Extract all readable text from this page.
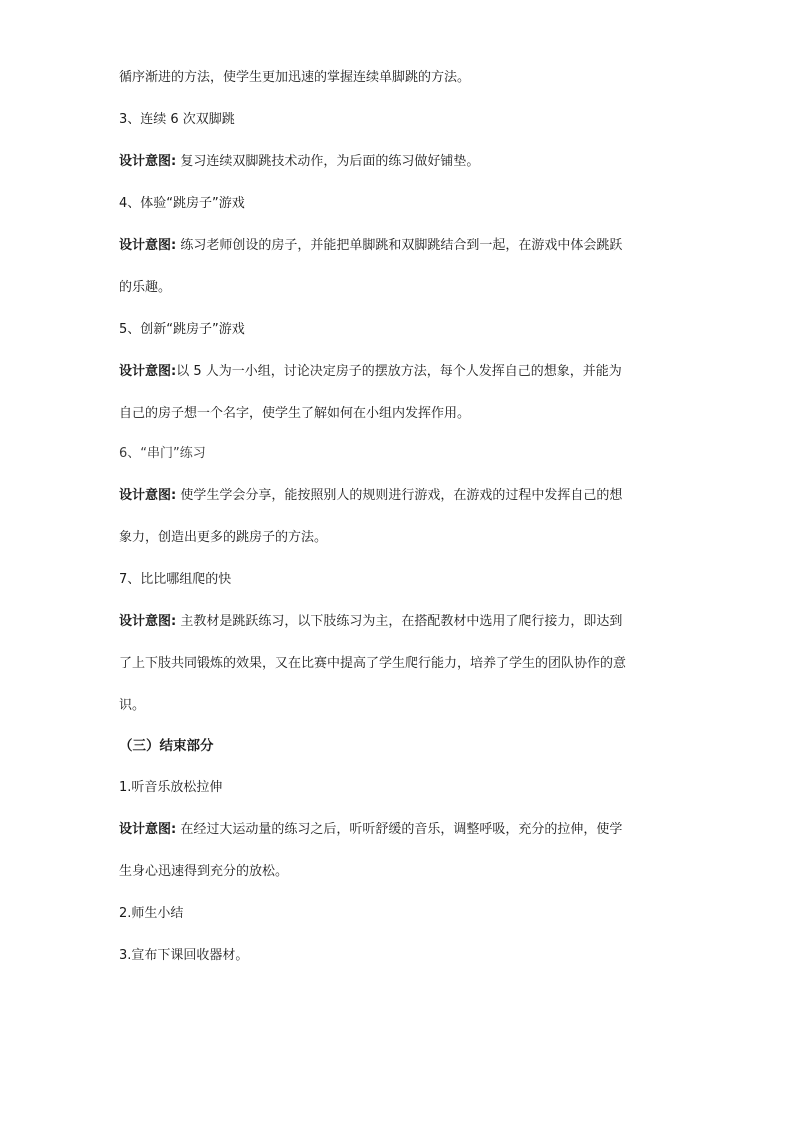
循序渐进的方法，使学生更加迅速的掌握连续单脚跳的方法。
3、连续 6 次双脚跳
设计意图: 复习连续双脚跳技术动作，为后面的练习做好铺垫。
4、体验“跳房子”游戏
设计意图: 练习老师创设的房子，并能把单脚跳和双脚跳结合到一起，在游戏中体会跳跃
的乐趣。
5、创新“跳房子”游戏
设计意图:以 5 人为一小组，讨论决定房子的摆放方法，每个人发挥自己的想象，并能为
自己的房子想一个名字，使学生了解如何在小组内发挥作用。
6、“串门”练习
设计意图: 使学生学会分享，能按照别人的规则进行游戏，在游戏的过程中发挥自己的想
象力，创造出更多的跳房子的方法。
7、比比哪组爬的快
设计意图: 主教材是跳跃练习，以下肢练习为主，在搭配教材中选用了爬行接力，即达到
了上下肢共同锻炼的效果，又在比赛中提高了学生爬行能力，培养了学生的团队协作的意
识。
（三）结束部分
1.听音乐放松拉伸
设计意图: 在经过大运动量的练习之后，听听舒缓的音乐，调整呼吸，充分的拉伸，使学
生身心迅速得到充分的放松。
2.师生小结
3.宣布下课回收器材。
